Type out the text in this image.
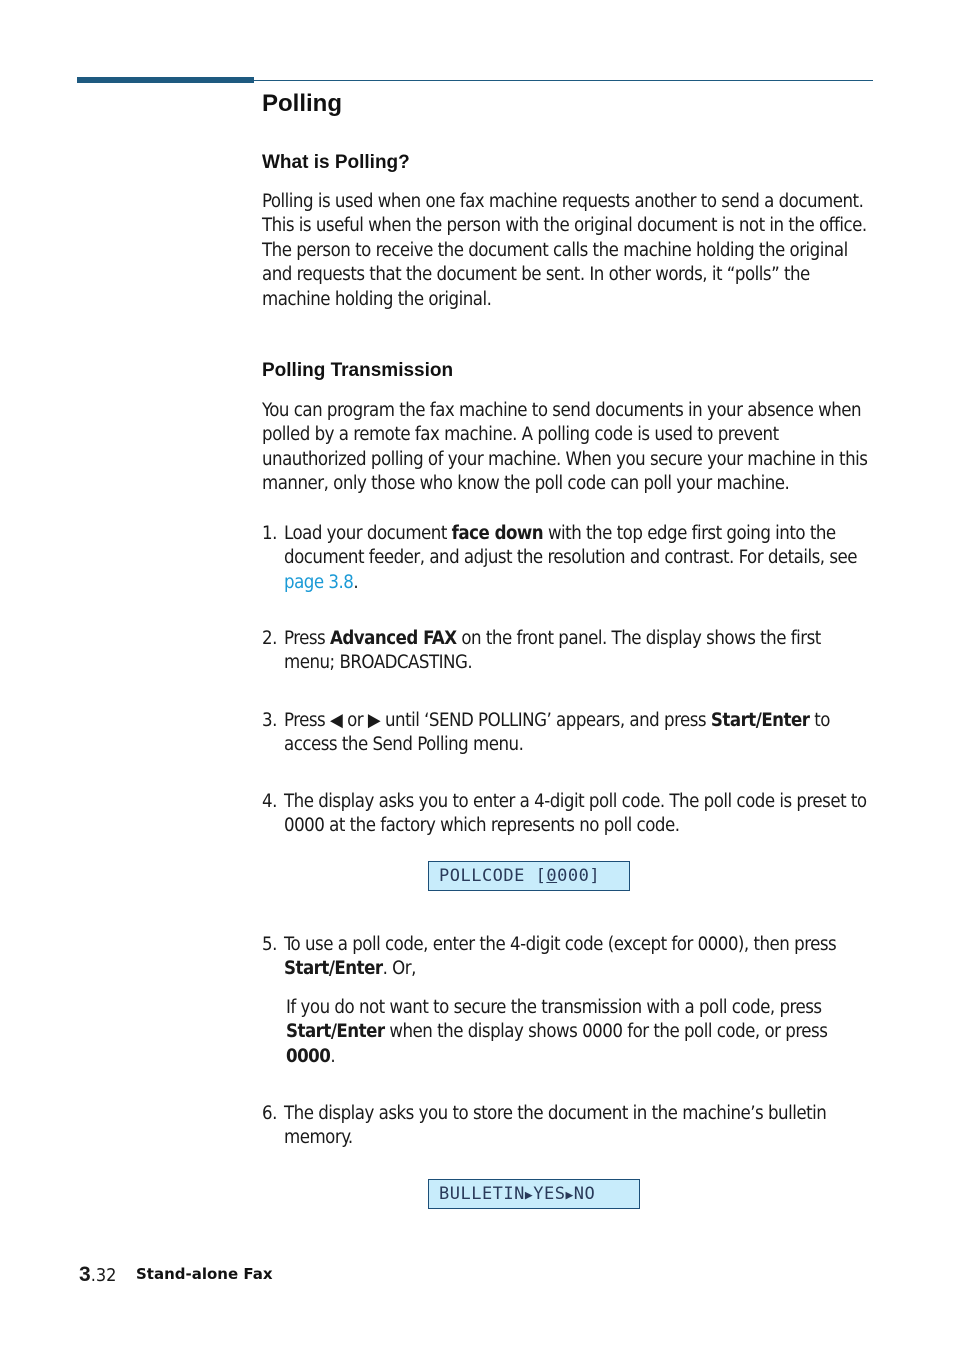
Polling
What is Polling?

Polling is used when one fax machine requests another to send a document. This is useful when the person with the original document is not in the office. The person to receive the document calls the machine holding the original and requests that the document be sent. In other words, it “polls” the machine holding the original.

Polling Transmission

You can program the fax machine to send documents in your absence when polled by a remote fax machine. A polling code is used to prevent unauthorized polling of your machine. When you secure your machine in this manner, only those who know the poll code can poll your machine.

1. Load your document face down with the top edge first going into the document feeder, and adjust the resolution and contrast. For details, see page 3.8.
2. Press Advanced FAX on the front panel. The display shows the first menu; BROADCASTING.
3. Press ◀ or ▶ until ‘SEND POLLING’ appears, and press Start/Enter to access the Send Polling menu.
4. The display asks you to enter a 4-digit poll code. The poll code is preset to 0000 at the factory which represents no poll code.
POLLCODE [0000]
5. To use a poll code, enter the 4-digit code (except for 0000), then press Start/Enter. Or,

If you do not want to secure the transmission with a poll code, press Start/Enter when the display shows 0000 for the poll code, or press 0000.

6. The display asks you to store the document in the machine’s bulletin memory.
BULLETIN▶YES▶NO
3.32 Stand-alone Fax
